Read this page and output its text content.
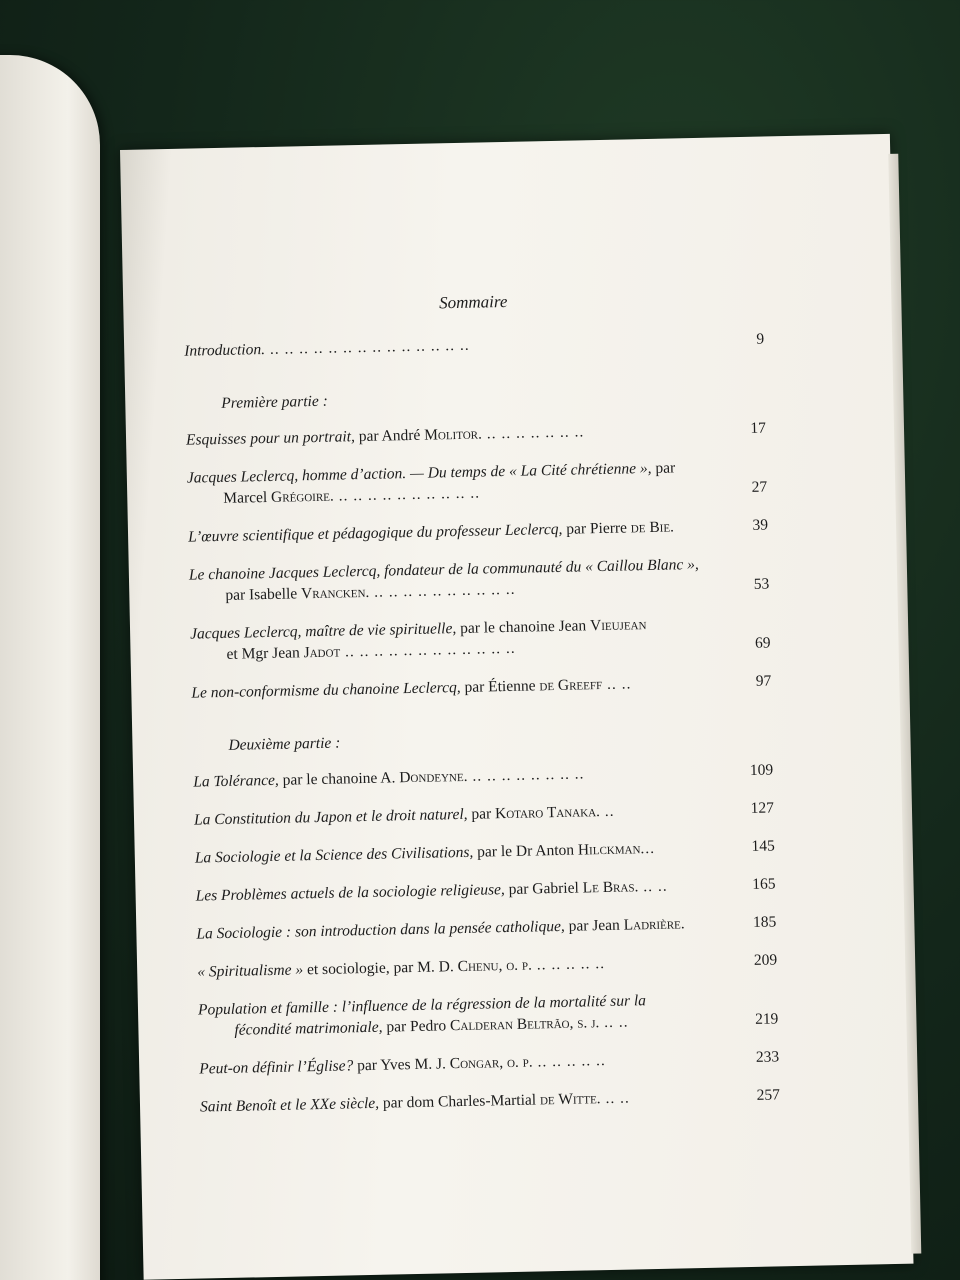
Sommaire
Introduction. .. .. .. .. .. .. .. .. .. .. .. .. .. ..	9
Première partie :
Esquisses pour un portrait, par André Molitor. .. .. .. .. .. .. ..	17
Jacques Leclercq, homme d’action. — Du temps de « La Cité chrétienne », par
Marcel Grégoire. .. .. .. .. .. .. .. .. .. ..	27
L’œuvre scientifique et pédagogique du professeur Leclercq, par Pierre de Bie.	39
Le chanoine Jacques Leclercq, fondateur de la communauté du « Caillou Blanc »,
par Isabelle Vrancken. .. .. .. .. .. .. .. .. .. ..	53
Jacques Leclercq, maître de vie spirituelle, par le chanoine Jean Vieujean
et Mgr Jean Jadot .. .. .. .. .. .. .. .. .. .. .. ..	69
Le non-conformisme du chanoine Leclercq, par Étienne de Greeff .. ..	97
Deuxième partie :
La Tolérance, par le chanoine A. Dondeyne. .. .. .. .. .. .. .. ..	109
La Constitution du Japon et le droit naturel, par Kotaro Tanaka. ..	127
La Sociologie et la Science des Civilisations, par le Dr Anton Hilckman...	145
Les Problèmes actuels de la sociologie religieuse, par Gabriel Le Bras. .. ..	165
La Sociologie : son introduction dans la pensée catholique, par Jean Ladrière.	185
« Spiritualisme » et sociologie, par M. D. Chenu, o. p. .. .. .. .. ..	209
Population et famille : l’influence de la régression de la mortalité sur la
fécondité matrimoniale, par Pedro Calderan Beltrão, s. j. .. ..	219
Peut-on définir l’Église? par Yves M. J. Congar, o. p. .. .. .. .. ..	233
Saint Benoît et le XXe siècle, par dom Charles-Martial de Witte. .. ..	257
